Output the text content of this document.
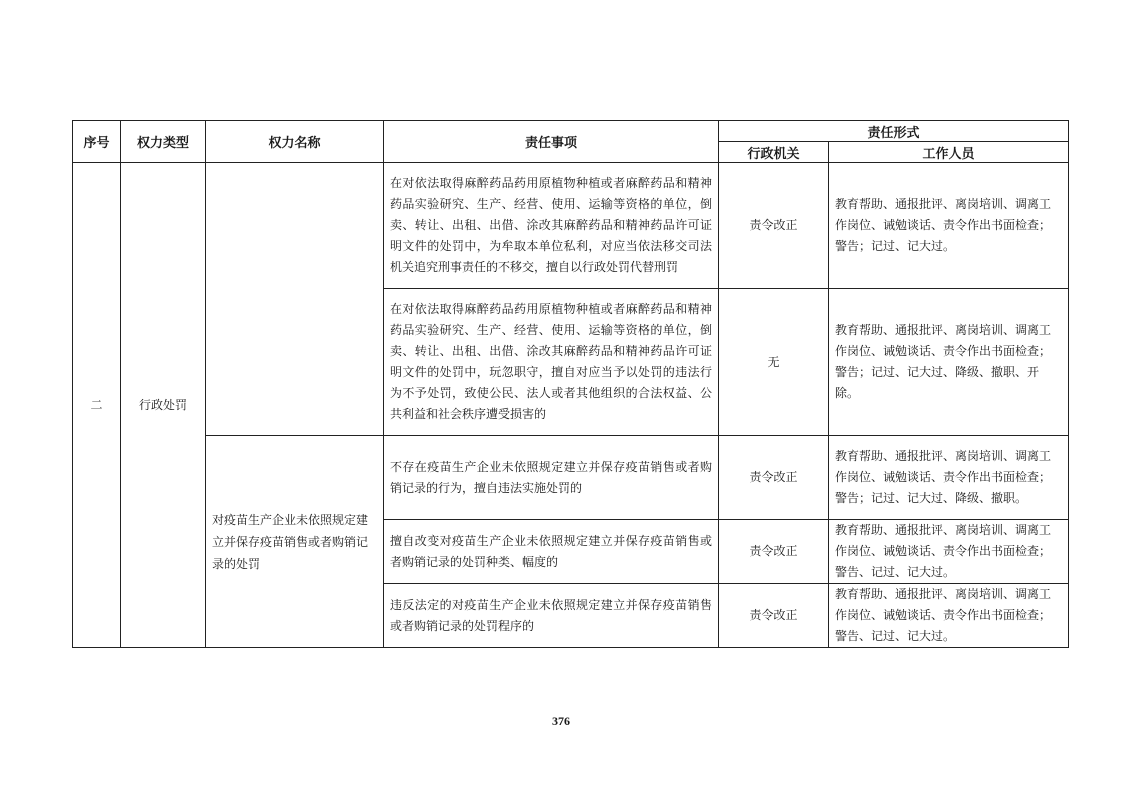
序号	权力类型	权力名称	责任事项	责任形式	
				行政机关	工作人员
二	行政处罚		在对依法取得麻醉药品药用原植物种植或者麻醉药品和精神药品实验研究、生产、经营、使用、运输等资格的单位，倒卖、转让、出租、出借、涂改其麻醉药品和精神药品许可证明文件的处罚中，为牟取本单位私利，对应当依法移交司法机关追究刑事责任的不移交，擅自以行政处罚代替刑罚	责令改正	教育帮助、通报批评、离岗培训、调离工作岗位、诫勉谈话、责令作出书面检查；警告；记过、记大过。
			在对依法取得麻醉药品药用原植物种植或者麻醉药品和精神药品实验研究、生产、经营、使用、运输等资格的单位，倒卖、转让、出租、出借、涂改其麻醉药品和精神药品许可证明文件的处罚中，玩忽职守，擅自对应当予以处罚的违法行为不予处罚，致使公民、法人或者其他组织的合法权益、公共利益和社会秩序遭受损害的	无	教育帮助、通报批评、离岗培训、调离工作岗位、诫勉谈话、责令作出书面检查；警告；记过、记大过、降级、撤职、开除。
		对疫苗生产企业未依照规定建立并保存疫苗销售或者购销记录的处罚	不存在疫苗生产企业未依照规定建立并保存疫苗销售或者购销记录的行为，擅自违法实施处罚的	责令改正	教育帮助、通报批评、离岗培训、调离工作岗位、诫勉谈话、责令作出书面检查；警告；记过、记大过、降级、撤职。
			擅自改变对疫苗生产企业未依照规定建立并保存疫苗销售或者购销记录的处罚种类、幅度的	责令改正	教育帮助、通报批评、离岗培训、调离工作岗位、诫勉谈话、责令作出书面检查；警告、记过、记大过。
			违反法定的对疫苗生产企业未依照规定建立并保存疫苗销售或者购销记录的处罚程序的	责令改正	教育帮助、通报批评、离岗培训、调离工作岗位、诫勉谈话、责令作出书面检查；警告、记过、记大过。
376
